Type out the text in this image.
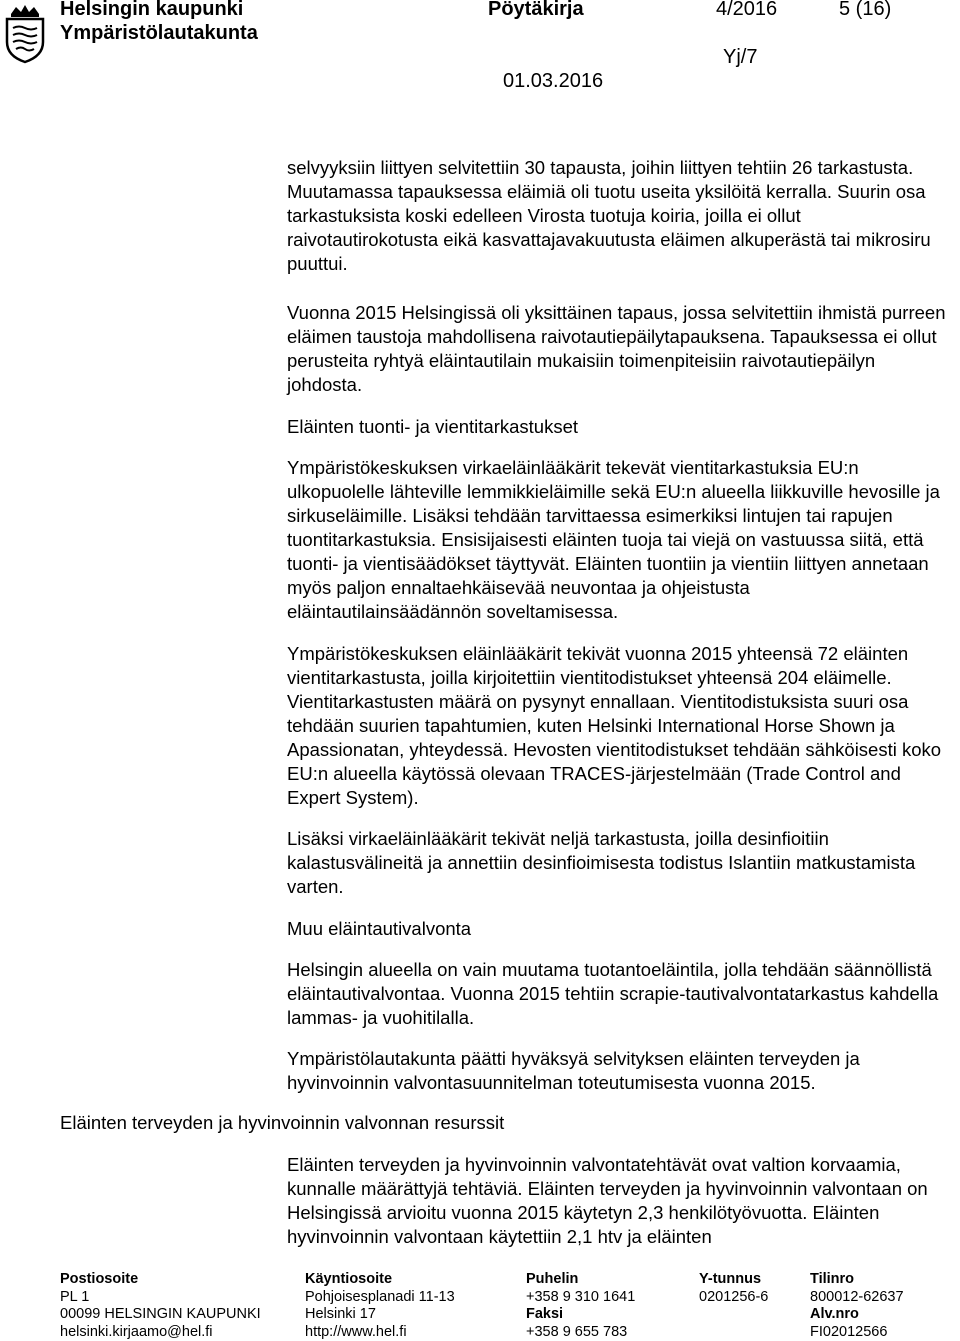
Helsingin kaupunki
Ympäristölautakunta
Pöytäkirja	4/2016	5 (16)
Yj/7
01.03.2016

selvyyksiin liittyen selvitettiin 30 tapausta, joihin liittyen tehtiin 26 tarkastusta. Muutamassa tapauksessa eläimiä oli tuotu useita yksilöitä kerralla. Suurin osa tarkastuksista koski edelleen Virosta tuotuja koiria, joilla ei ollut raivotautirokotusta eikä kasvattajavakuutusta eläimen alkuperästä tai mikrosiru puuttui.

Vuonna 2015 Helsingissä oli yksittäinen tapaus, jossa selvitettiin ihmistä purreen eläimen taustoja mahdollisena raivotautiepäilytapauksena. Tapauksessa ei ollut perusteita ryhtyä eläintautilain mukaisiin toimenpiteisiin raivotautiepäilyn johdosta.

Eläinten tuonti- ja vientitarkastukset

Ympäristökeskuksen virkaeläinlääkärit tekevät vientitarkastuksia EU:n ulkopuolelle lähteville lemmikkieläimille sekä EU:n alueella liikkuville hevosille ja sirkuseläimille. Lisäksi tehdään tarvittaessa esimerkiksi lintujen tai rapujen tuontitarkastuksia. Ensisijaisesti eläinten tuoja tai viejä on vastuussa siitä, että tuonti- ja vientisäädökset täyttyvät. Eläinten tuontiin ja vientiin liittyen annetaan myös paljon ennaltaehkäisevää neuvontaa ja ohjeistusta eläintautilainsäädännön soveltamisessa.

Ympäristökeskuksen eläinlääkärit tekivät vuonna 2015 yhteensä 72 eläinten vientitarkastusta, joilla kirjoitettiin vientitodistukset yhteensä 204 eläimelle. Vientitarkastusten määrä on pysynyt ennallaan. Vientitodistuksista suuri osa tehdään suurien tapahtumien, kuten Helsinki International Horse Shown ja Apassionatan, yhteydessä. Hevosten vientitodistukset tehdään sähköisesti koko EU:n alueella käytössä olevaan TRACES-järjestelmään (Trade Control and Expert System).

Lisäksi virkaeläinlääkärit tekivät neljä tarkastusta, joilla desinfioitiin kalastusvälineitä ja annettiin desinfioimisesta todistus Islantiin matkustamista varten.

Muu eläintautivalvonta

Helsingin alueella on vain muutama tuotantoeläintila, jolla tehdään säännöllistä eläintautivalvontaa. Vuonna 2015 tehtiin scrapie-tautivalvontatarkastus kahdella lammas- ja vuohitilalla.

Ympäristölautakunta päätti hyväksyä selvityksen eläinten terveyden ja hyvinvoinnin valvontasuunnitelman toteutumisesta vuonna 2015.

Eläinten terveyden ja hyvinvoinnin valvonnan resurssit

Eläinten terveyden ja hyvinvoinnin valvontatehtävät ovat valtion korvaamia, kunnalle määrättyjä tehtäviä. Eläinten terveyden ja hyvinvoinnin valvontaan on Helsingissä arvioitu vuonna 2015 käytetyn 2,3 henkilötyövuotta. Eläinten hyvinvoinnin valvontaan käytettiin 2,1 htv ja eläinten

Postiosoite
PL 1
00099 HELSINGIN KAUPUNKI
helsinki.kirjaamo@hel.fi
Käyntiosoite
Pohjoisesplanadi 11-13
Helsinki 17
http://www.hel.fi
Puhelin
+358 9 310 1641
Faksi
+358 9 655 783
Y-tunnus
0201256-6
Tilinro
800012-62637
Alv.nro
FI02012566
